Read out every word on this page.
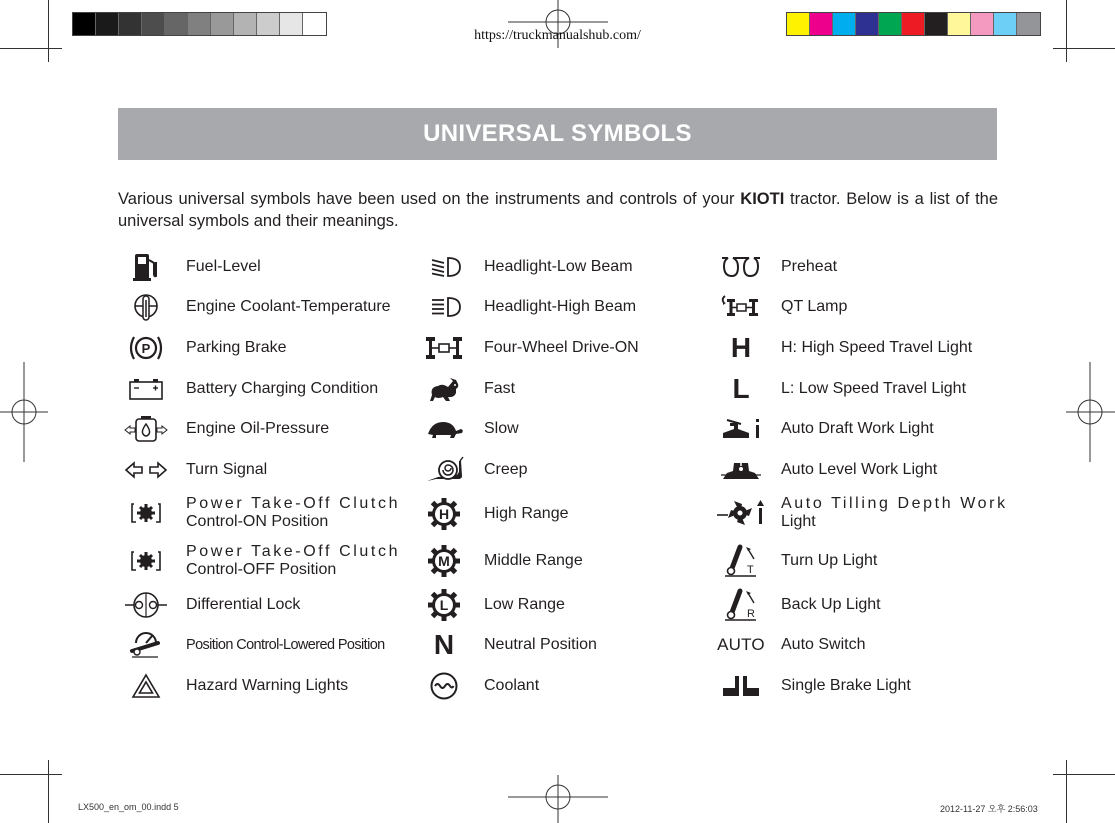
https://truckmanualshub.com/
UNIVERSAL SYMBOLS
Various universal symbols have been used on the instruments and controls of your KIOTI tractor. Below is a list of the universal symbols and their meanings.
Fuel-Level
Engine Coolant-Temperature
P	Parking Brake
Battery Charging Condition
Engine Oil-Pressure
Turn Signal
Power Take-Off Clutch
Control-ON Position
Power Take-Off Clutch
Control-OFF Position
Differential Lock
Position Control-Lowered Position
Hazard Warning Lights
Headlight-Low Beam
Headlight-High Beam
Four-Wheel Drive-ON
Fast
Slow
Creep
H	High Range
M	Middle Range
L	Low Range
N	Neutral Position
Coolant
Preheat
QT Lamp
H	H: High Speed Travel Light
L	L: Low Speed Travel Light
Auto Draft Work Light
Auto Level Work Light
Auto Tilling Depth Work
Light
T
Turn Up Light
R
Back Up Light
AUTO	Auto Switch
Single Brake Light
LX500_en_om_00.indd 5	2012-11-27 오후 2:56:03
